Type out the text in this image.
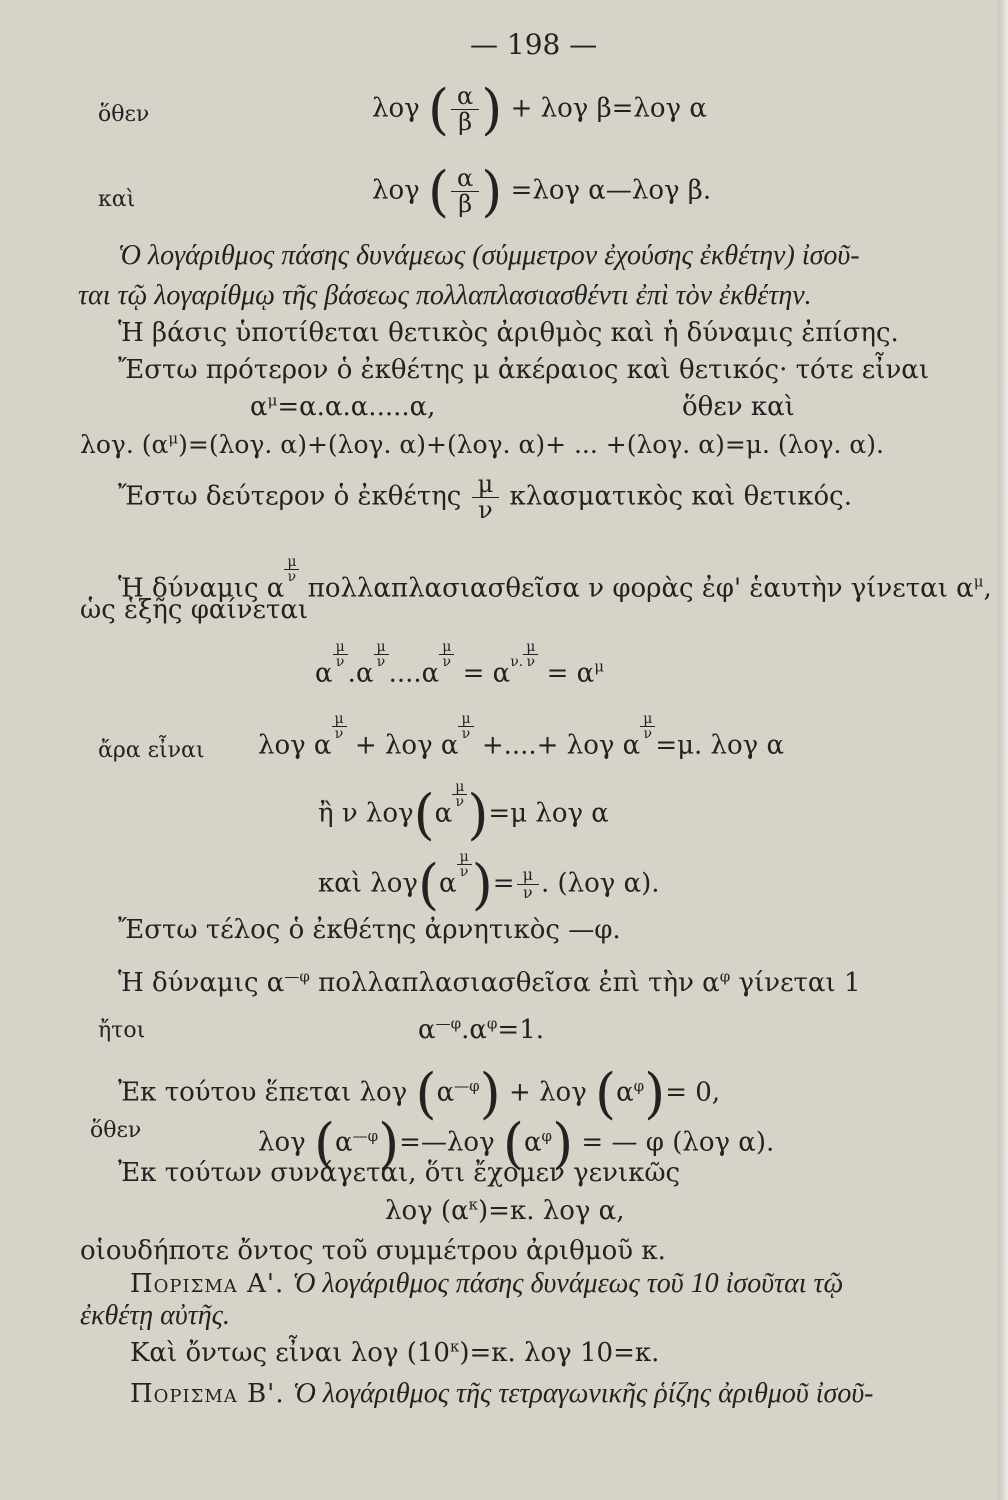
— 198 —
ὅθεν	λογ ( $\frac{\alpha}{\beta}$ ) + λογ β=λογ α
καὶ	λογ ( $\frac{\alpha}{\beta}$ ) =λογ α—λογ β.
Ὁ λογάριθμος πάσης δυνάμεως (σύμμετρον ἐχούσης ἐκθέτην) ἰσοῦ-
ται τῷ λογαρίθμῳ τῆς βάσεως πολλαπλασιασθέντι ἐπὶ τὸν ἐκθέτην.
Ἡ βάσις ὑποτίθεται θετικὸς ἀριθμὸς καὶ ἡ δύναμις ἐπίσης.
Ἔστω πρότερον ὁ ἐκθέτης μ ἀκέραιος καὶ θετικός· τότε εἶναι
$\alpha^\mu=\alpha.\alpha.\alpha.....\alpha$,	ὅθεν καὶ
λογ. $(\alpha^\mu)=(\lambda o\gamma$. α)+(λογ. α)+(λογ. α)+ ... +(λογ. α)=μ. (λογ. α).
Ἔστω δεύτερον ὁ ἐκθέτης $\frac{\mu}{\nu}$ κλασματικὸς καὶ θετικός.
Ἡ δύναμις α
$\frac{\mu}{\nu}$
πολλαπλασιασθεῖσα ν φορὰς ἐφ' ἑαυτὴν γίνεται $\alpha^\mu$,
ὡς ἑξῆς φαίνεται
α
$\frac{\mu}{\nu}$
.α
$\frac{\mu}{\nu}$
....α
$\frac{\mu}{\nu}$
= α ν. $\frac{\mu}{\nu}$
= $\alpha^\mu$
ἄρα εἶναι λογ α
$\frac{\mu}{\nu}$
+ λογ α
$\frac{\mu}{\nu}$
+....+ λογ α
$\frac{\mu}{\nu}$
=μ. λογ α
ἢ ν λογ(α
$\frac{\mu}{\nu} )=\mu$ λογ α
καὶ λογ(α
$\frac{\mu}{\nu}$ )= $\frac{\mu}{\nu}$ . (λογ α).
Ἔστω τέλος ὁ ἐκθέτης ἀρνητικὸς —φ.
Ἡ δύναμις $\alpha^{—\varphi}$ πολλαπλασιασθεῖσα ἐπὶ τὴν $\alpha^\varphi$ γίνεται 1
ἤτοι	$\alpha^{—\varphi}.\alpha^\varphi=1$.
Ἐκ τούτου ἕπεται λογ $(\alpha^{—\varphi}) + \lambda o\gamma$ $(\alpha^\varphi)= 0$,
ὅθεν	λογ $(\alpha^{—\varphi})=—\lambda o\gamma$ $(\alpha^\varphi)$ = — φ (λογ α).
Ἐκ τούτων συνάγεται, ὅτι ἔχομεν γενικῶς
λογ $(\alpha^\kappa)=\kappa$. λογ α,
οἱουδήποτε ὄντος τοῦ συμμέτρου ἀριθμοῦ κ.
Πορισμα Α'. Ὁ λογάριθμος πάσης δυνάμεως τοῦ 10 ἰσοῦται τῷ
ἐκθέτῃ αὐτῆς.
Καὶ ὄντως εἶναι λογ $(10^\kappa)=\kappa$. λογ 10=κ.
Πορισμα Β'. Ὁ λογάριθμος τῆς τετραγωνικῆς ῥίζης ἀριθμοῦ ἰσοῦ-
